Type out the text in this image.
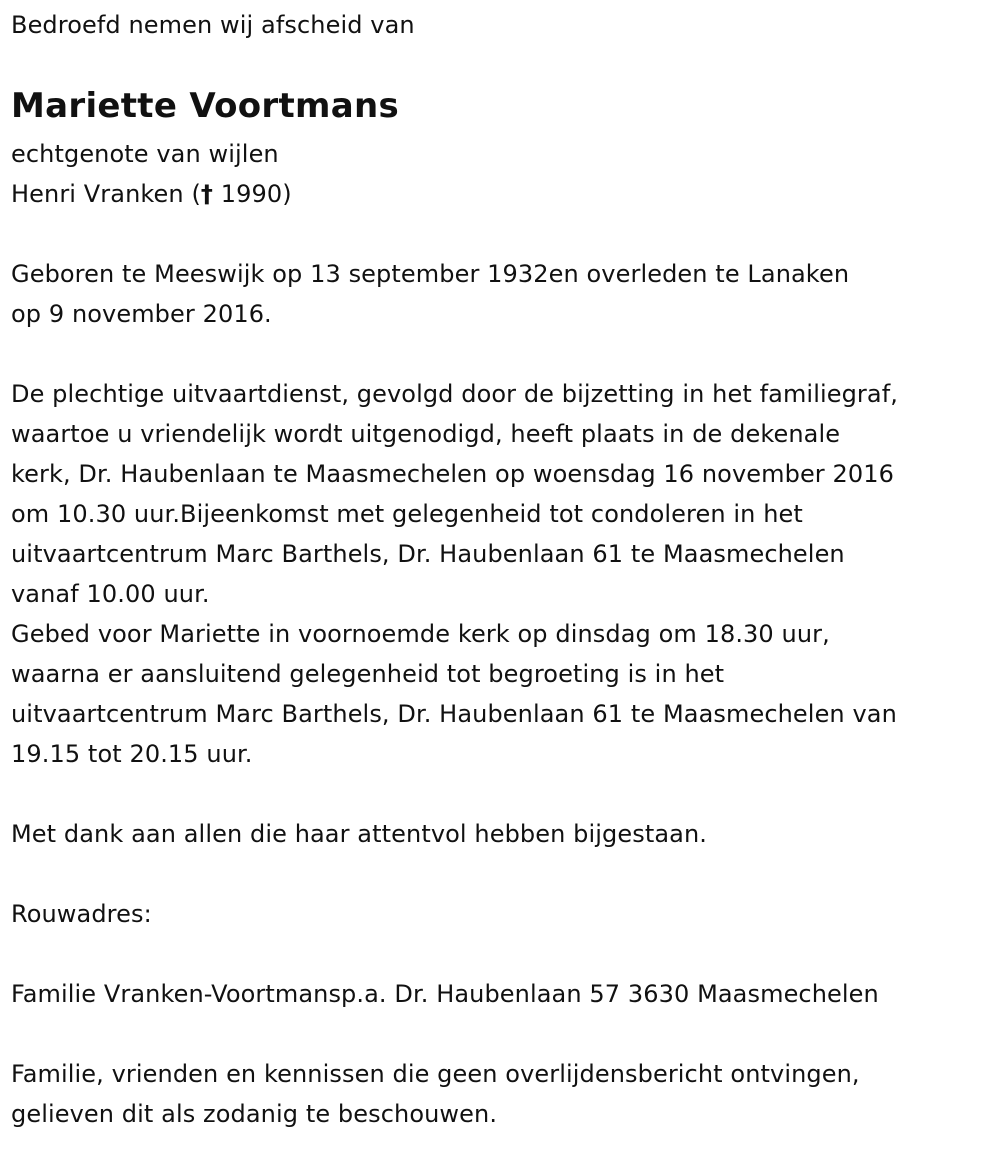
Bedroefd nemen wij afscheid van
Mariette Voortmans
echtgenote van wijlen
Henri Vranken († 1990)
Geboren te Meeswijk op 13 september 1932en overleden te Lanaken
op 9 november 2016.
De plechtige uitvaartdienst, gevolgd door de bijzetting in het familiegraf,
waartoe u vriendelijk wordt uitgenodigd, heeft plaats in de dekenale
kerk, Dr. Haubenlaan te Maasmechelen op woensdag 16 november 2016
om 10.30 uur.Bijeenkomst met gelegenheid tot condoleren in het
uitvaartcentrum Marc Barthels, Dr. Haubenlaan 61 te Maasmechelen
vanaf 10.00 uur.
Gebed voor Mariette in voornoemde kerk op dinsdag om 18.30 uur,
waarna er aansluitend gelegenheid tot begroeting is in het
uitvaartcentrum Marc Barthels, Dr. Haubenlaan 61 te Maasmechelen van
19.15 tot 20.15 uur.
Met dank aan allen die haar attentvol hebben bijgestaan.
Rouwadres:
Familie Vranken-Voortmansp.a. Dr. Haubenlaan 57 3630 Maasmechelen
Familie, vrienden en kennissen die geen overlijdensbericht ontvingen,
gelieven dit als zodanig te beschouwen.
